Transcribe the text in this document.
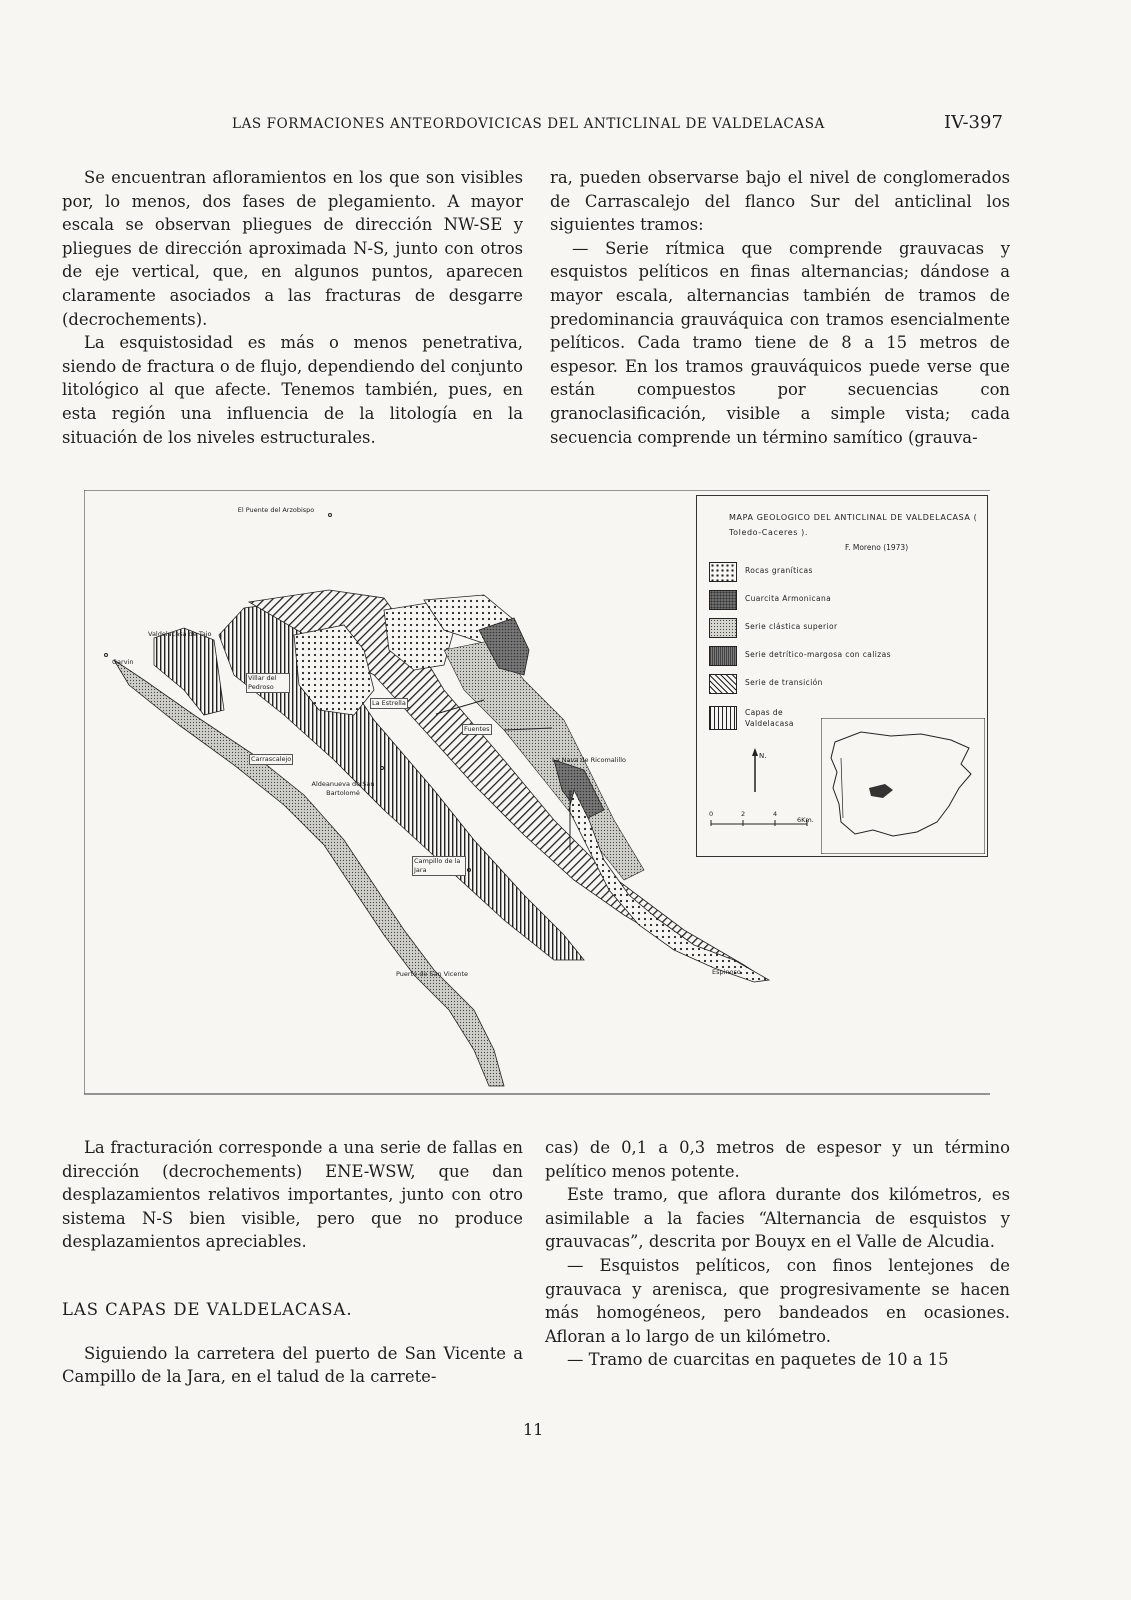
LAS FORMACIONES ANTEORDOVICICAS DEL ANTICLINAL DE VALDELACASA	IV-397

Se encuentran afloramientos en los que son visibles por, lo menos, dos fases de plegamiento. A mayor escala se observan pliegues de dirección NW-SE y pliegues de dirección aproximada N-S, junto con otros de eje vertical, que, en algunos puntos, aparecen claramente asociados a las fracturas de desgarre (decrochements).

La esquistosidad es más o menos penetrativa, siendo de fractura o de flujo, dependiendo del conjunto litológico al que afecte. Tenemos también, pues, en esta región una influencia de la litología en la situación de los niveles estructurales.

ra, pueden observarse bajo el nivel de conglomerados de Carrascalejo del flanco Sur del anticlinal los siguientes tramos:

— Serie rítmica que comprende grauvacas y esquistos pelíticos en finas alternancias; dándose a mayor escala, alternancias también de tramos de predominancia grauváquica con tramos esencialmente pelíticos. Cada tramo tiene de 8 a 15 metros de espesor. En los tramos grauváquicos puede verse que están compuestos por secuencias con granoclasificación, visible a simple vista; cada secuencia comprende un término samítico (grauva-

El Puente del Arzobispo
Valdelacasa de Tajo
Garvin
Villar del Pedroso
La Estrella
Fuentes
La Nava de Ricomalillo
Carrascalejo
Aldeanueva de San Bartolomé
Campillo de la Jara
Puerto de San Vicente	Espinoso
MAPA GEOLOGICO DEL ANTICLINAL DE VALDELACASA ( Toledo-Caceres ).
F. Moreno (1973)
Rocas graníticas
Cuarcita Armonicana
Serie clástica superior
Serie detrítico-margosa con calizas
Serie de transición
Capas de Valdelacasa
N.
0	2	4
6Km.

La fracturación corresponde a una serie de fallas en dirección (decrochements) ENE-WSW, que dan desplazamientos relativos importantes, junto con otro sistema N-S bien visible, pero que no produce desplazamientos apreciables.

LAS CAPAS DE VALDELACASA.

Siguiendo la carretera del puerto de San Vicente a Campillo de la Jara, en el talud de la carrete-

cas) de 0,1 a 0,3 metros de espesor y un término pelítico menos potente.

Este tramo, que aflora durante dos kilómetros, es asimilable a la facies “Alternancia de esquistos y grauvacas”, descrita por Bouyx en el Valle de Alcudia.

— Esquistos pelíticos, con finos lentejones de grauvaca y arenisca, que progresivamente se hacen más homogéneos, pero bandeados en ocasiones. Afloran a lo largo de un kilómetro.

— Tramo de cuarcitas en paquetes de 10 a 15

11
